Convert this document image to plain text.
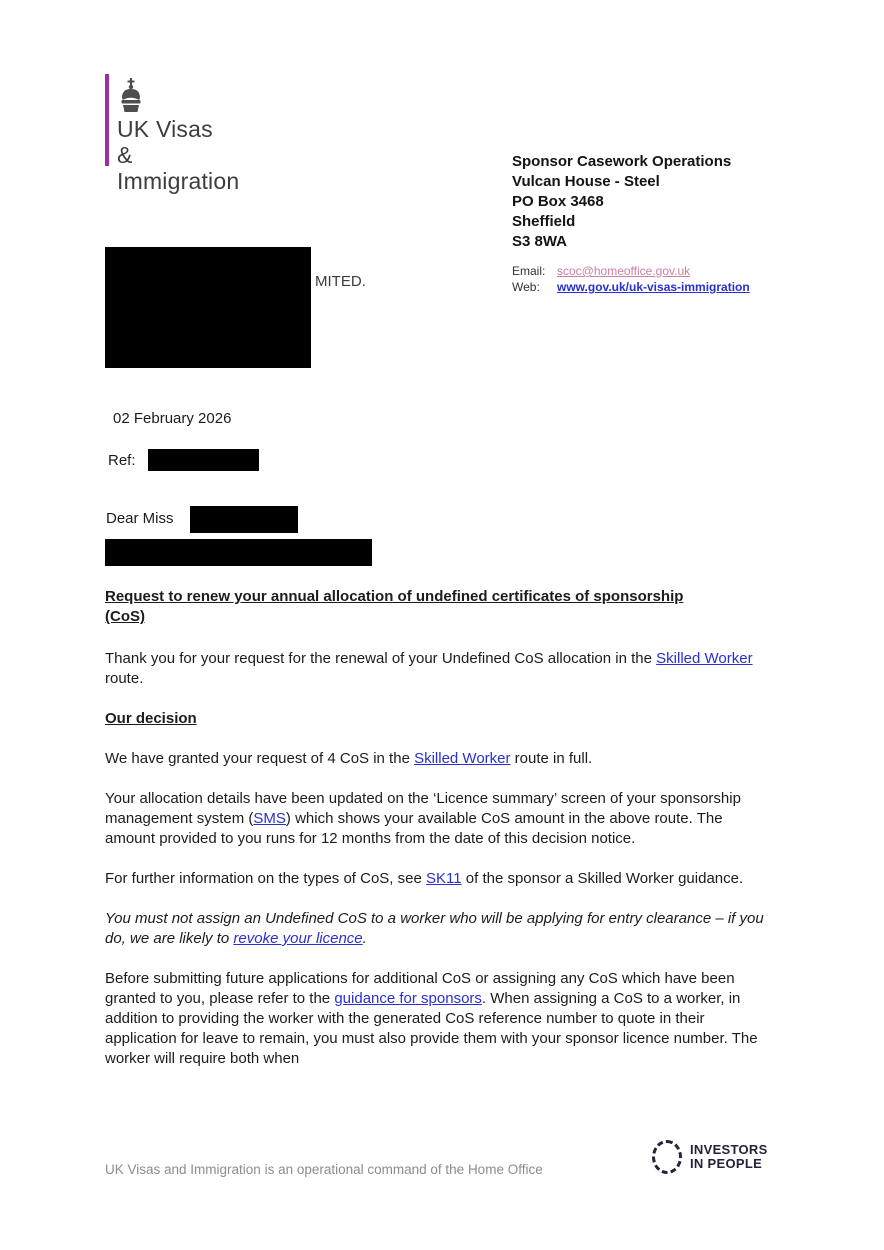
UK Visas
& Immigration
Sponsor Casework Operations
Vulcan House - Steel
PO Box 3468
Sheffield
S3 8WA
Email: scoc@homeoffice.gov.uk
Web:	www.gov.uk/uk-visas-immigration
MITED.
02 February 2026
Ref:
Dear Miss

Request to renew your annual allocation of undefined certificates of sponsorship (CoS)

Thank you for your request for the renewal of your Undefined CoS allocation in the Skilled Worker route.

Our decision

We have granted your request of 4 CoS in the Skilled Worker route in full.

Your allocation details have been updated on the ‘Licence summary’ screen of your sponsorship management system (SMS) which shows your available CoS amount in the above route. The amount provided to you runs for 12 months from the date of this decision notice.

For further information on the types of CoS, see SK11 of the sponsor a Skilled Worker guidance.

You must not assign an Undefined CoS to a worker who will be applying for entry clearance – if you do, we are likely to revoke your licence.

Before submitting future applications for additional CoS or assigning any CoS which have been granted to you, please refer to the guidance for sponsors. When assigning a CoS to a worker, in addition to providing the worker with the generated CoS reference number to quote in their application for leave to remain, you must also provide them with your sponsor licence number. The worker will require both when

UK Visas and Immigration is an operational command of the Home Office
INVESTORS
IN PEOPLE
